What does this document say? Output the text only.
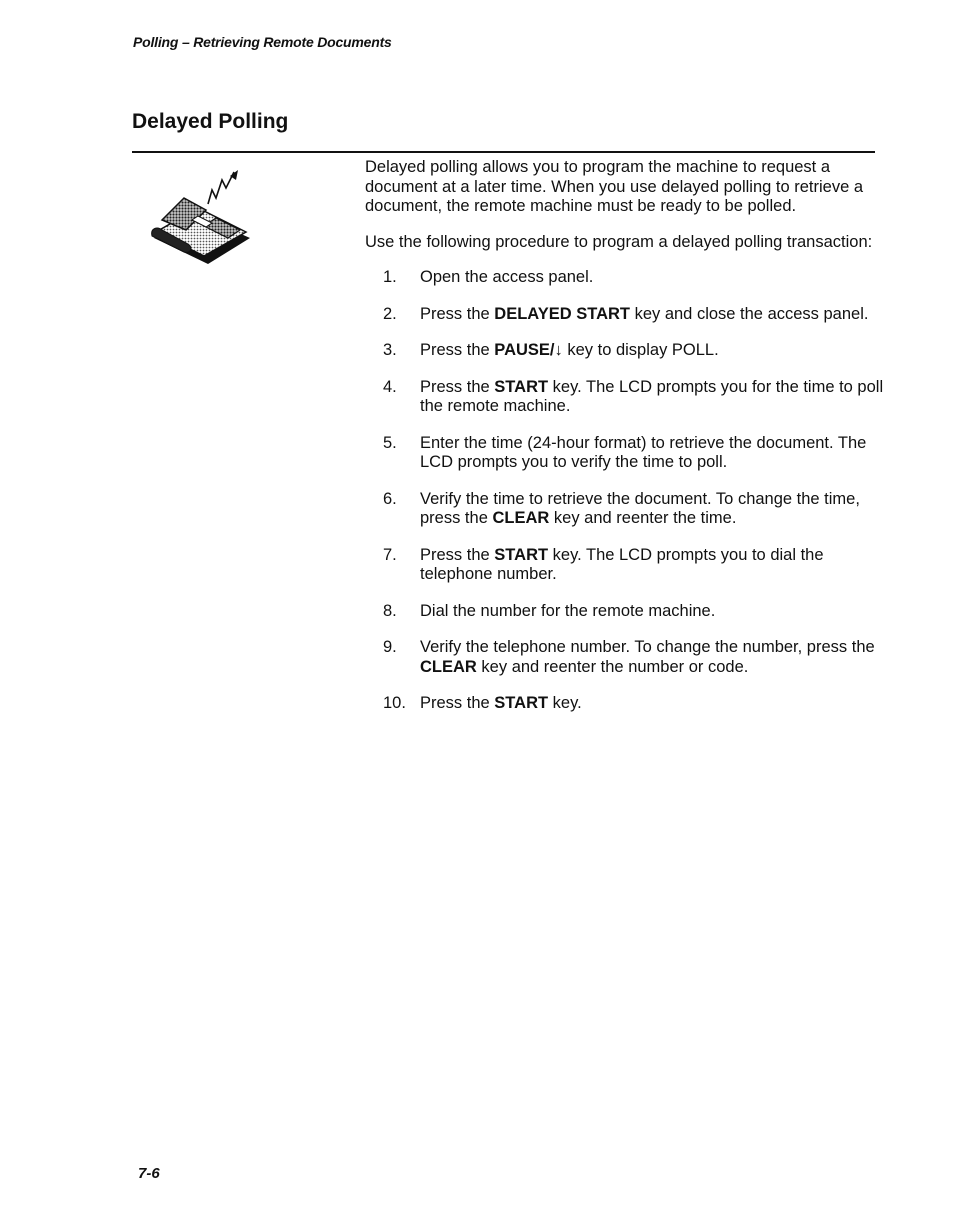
Polling – Retrieving Remote Documents
Delayed Polling

Delayed polling allows you to program the machine to request a document at a later time. When you use delayed polling to retrieve a document, the remote machine must be ready to be polled.

Use the following procedure to program a delayed polling transaction:

1. Open the access panel.
2. Press the DELAYED START key and close the access panel.
3. Press the PAUSE/↓ key to display POLL.
4. Press the START key. The LCD prompts you for the time to poll the remote machine.
5. Enter the time (24-hour format) to retrieve the document. The LCD prompts you to verify the time to poll.
6. Verify the time to retrieve the document. To change the time, press the CLEAR key and reenter the time.
7. Press the START key. The LCD prompts you to dial the telephone number.
8. Dial the number for the remote machine.
9. Verify the telephone number. To change the number, press the CLEAR key and reenter the number or code.
10. Press the START key.
7-6
